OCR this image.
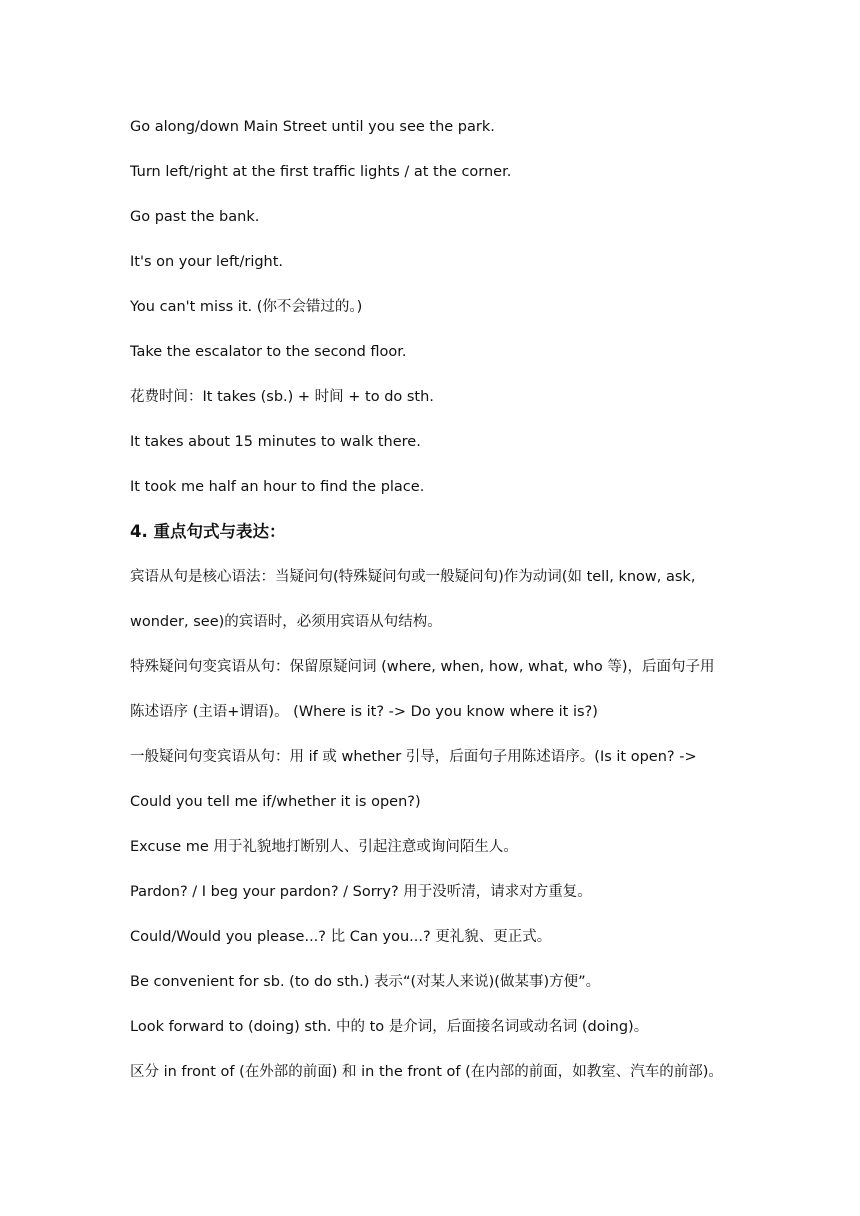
Go along/down Main Street until you see the park.
Turn left/right at the first traffic lights / at the corner.
Go past the bank.
It's on your left/right.
You can't miss it. (你不会错过的。)
Take the escalator to the second floor.
花费时间：It takes (sb.) + 时间 + to do sth.
It takes about 15 minutes to walk there.
It took me half an hour to find the place.
4. 重点句式与表达：
宾语从句是核心语法：当疑问句(特殊疑问句或一般疑问句)作为动词(如 tell, know, ask,
wonder, see)的宾语时，必须用宾语从句结构。
特殊疑问句变宾语从句：保留原疑问词 (where, when, how, what, who 等)，后面句子用
陈述语序 (主语+谓语)。 (Where is it? -> Do you know where it is?)
一般疑问句变宾语从句：用 if 或 whether 引导，后面句子用陈述语序。(Is it open? ->
Could you tell me if/whether it is open?)
Excuse me 用于礼貌地打断别人、引起注意或询问陌生人。
Pardon? / I beg your pardon? / Sorry? 用于没听清，请求对方重复。
Could/Would you please...? 比 Can you...? 更礼貌、更正式。
Be convenient for sb. (to do sth.) 表示“(对某人来说)(做某事)方便”。
Look forward to (doing) sth. 中的 to 是介词，后面接名词或动名词 (doing)。
区分 in front of (在外部的前面) 和 in the front of (在内部的前面，如教室、汽车的前部)。
